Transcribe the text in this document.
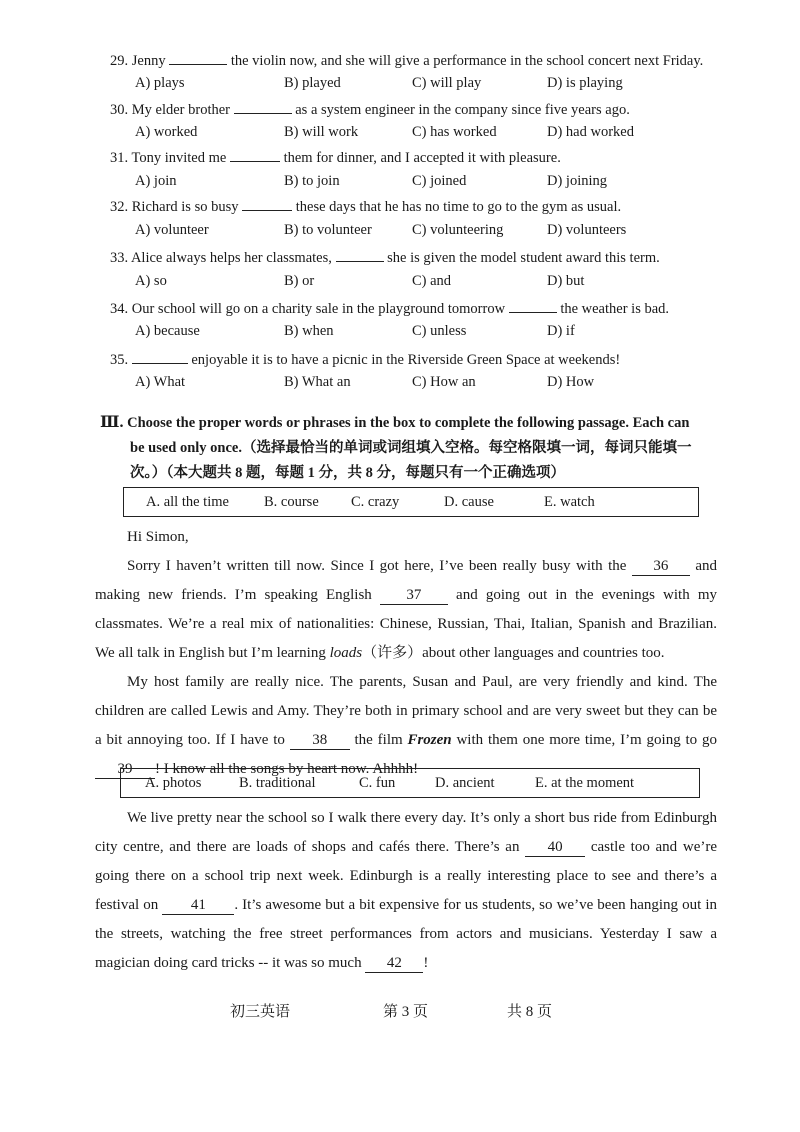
29. Jenny	the violin now, and she will give a performance in the school concert next Friday.
A) plays	B) played	C) will play	D) is playing
30. My elder brother	as a system engineer in the company since five years ago.
A) worked	B) will work	C) has worked	D) had worked
31. Tony invited me	them for dinner, and I accepted it with pleasure.
A) join	B) to join	C) joined	D) joining
32. Richard is so busy	these days that he has no time to go to the gym as usual.
A) volunteer	B) to volunteer	C) volunteering	D) volunteers
33. Alice always helps her classmates,	she is given the model student award this term.
A) so	B) or	C) and	D) but
34. Our school will go on a charity sale in the playground tomorrow	the weather is bad.
A) because	B) when	C) unless	D) if
35.	enjoyable it is to have a picnic in the Riverside Green Space at weekends!
A) What	B) What an	C) How an	D) How
Ⅲ. Choose the proper words or phrases in the box to complete the following passage. Each can
be used only once.（选择最恰当的单词或词组填入空格。每空格限填一词，每词只能填一
次。）（本大题共 8 题，每题 1 分，共 8 分，每题只有一个正确选项）
A. all the time B. course C. crazy	D. cause	E. watch
Hi Simon,
Sorry I haven’t written till now. Since I got here, I’ve been really busy with the 36 and making new friends. I’m speaking English 37 and going out in the evenings with my classmates. We’re a real mix of nationalities: Chinese, Russian, Thai, Italian, Spanish and Brazilian. We all talk in English but I’m learning loads（许多）about other languages and countries too.
My host family are really nice. The parents, Susan and Paul, are very friendly and kind. The children are called Lewis and Amy. They’re both in primary school and are very sweet but they can be a bit annoying too. If I have to 38 the film Frozen with them one more time, I’m going to go 39 ! I know all the songs by heart now. Ahhhh!
A. photos	B. traditional	C. fun	D. ancient	E. at the moment
We live pretty near the school so I walk there every day. It’s only a short bus ride from Edinburgh city centre, and there are loads of shops and cafés there. There’s an 40 castle too and we’re going there on a school trip next week. Edinburgh is a really interesting place to see and there’s a festival on 41 . It’s awesome but a bit expensive for us students, so we’ve been hanging out in the streets, watching the free street performances from actors and musicians. Yesterday I saw a magician doing card tricks -- it was so much 42 !
初三英语	第 3 页	共 8 页
